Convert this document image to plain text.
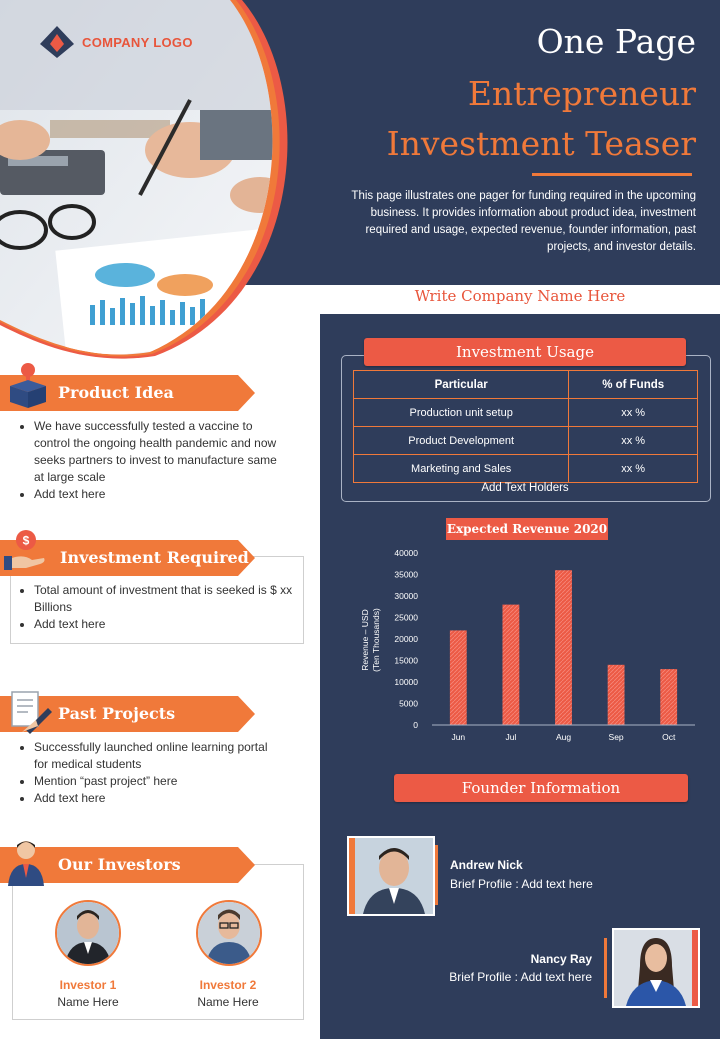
COMPANY LOGO	One Page
Entrepreneur
Investment Teaser
This page illustrates one pager for funding required in the upcoming business. It provides information about product idea, investment required and usage, expected revenue, founder information, past projects, and investor details.
Write Company Name Here
Investment Usage
Particular	% of Funds
Production unit setup	xx %
Product Development	xx %
Marketing and Sales	xx %
Add Text Holders
Expected Revenue 2020
0
5000
10000
15000
20000
25000
30000
35000
40000
Jun	Jul	Aug	Sep	Oct
Revenue – USD (Ten Thousands)
Founder Information
Andrew Nick
Brief Profile : Add text here
Nancy Ray
Brief Profile : Add text here
Product Idea
• We have successfully tested a vaccine to control the ongoing health pandemic and now seeks partners to invest to manufacture same at large scale
• Add text here
$
Investment Required
• Total amount of investment that is seeked is $ xx Billions
• Add text here
Past Projects
• Successfully launched online learning portal for medical students
• Mention “past project” here
• Add text here
Our Investors
Investor 1
Name Here
Investor 2
Name Here
